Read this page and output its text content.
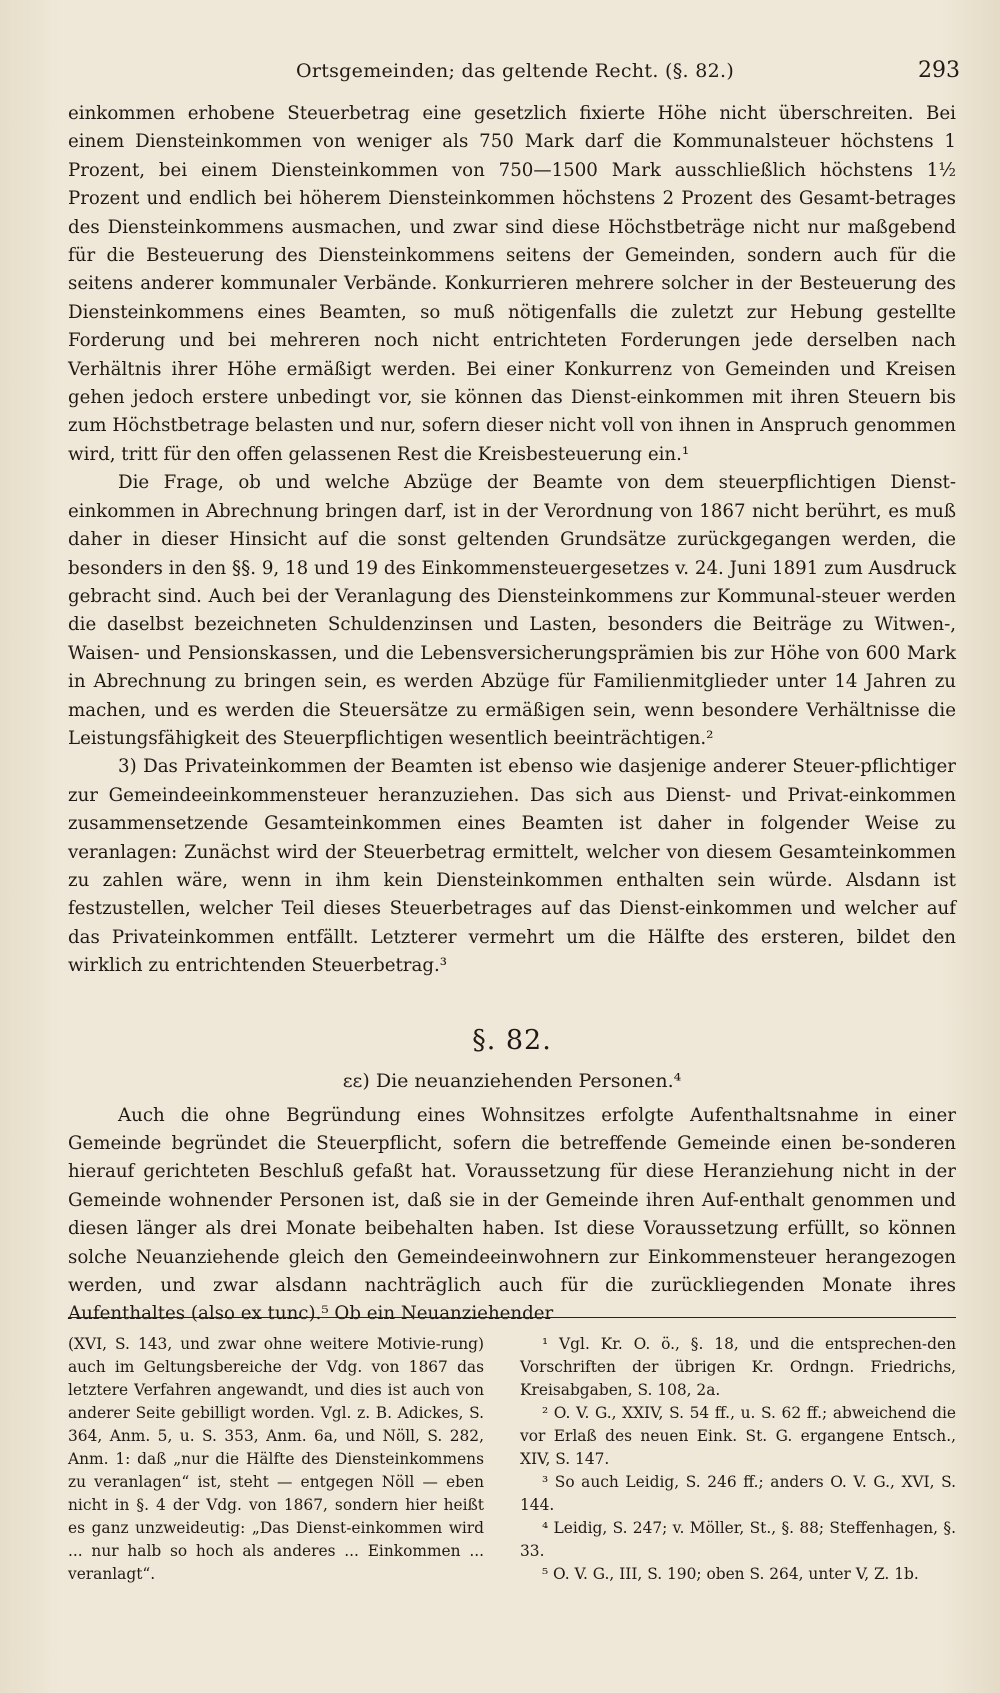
Ortsgemeinden; das geltende Recht. (§. 82.)	293

einkommen erhobene Steuerbetrag eine gesetzlich fixierte Höhe nicht überschreiten. Bei einem Diensteinkommen von weniger als 750 Mark darf die Kommunalsteuer höchstens 1 Prozent, bei einem Diensteinkommen von 750—1500 Mark ausschließlich höchstens 1½ Prozent und endlich bei höherem Diensteinkommen höchstens 2 Prozent des Gesamt-betrages des Diensteinkommens ausmachen, und zwar sind diese Höchstbeträge nicht nur maßgebend für die Besteuerung des Diensteinkommens seitens der Gemeinden, sondern auch für die seitens anderer kommunaler Verbände. Konkurrieren mehrere solcher in der Besteuerung des Diensteinkommens eines Beamten, so muß nötigenfalls die zuletzt zur Hebung gestellte Forderung und bei mehreren noch nicht entrichteten Forderungen jede derselben nach Verhältnis ihrer Höhe ermäßigt werden. Bei einer Konkurrenz von Gemeinden und Kreisen gehen jedoch erstere unbedingt vor, sie können das Dienst-einkommen mit ihren Steuern bis zum Höchstbetrage belasten und nur, sofern dieser nicht voll von ihnen in Anspruch genommen wird, tritt für den offen gelassenen Rest die Kreisbesteuerung ein.¹

Die Frage, ob und welche Abzüge der Beamte von dem steuerpflichtigen Dienst-einkommen in Abrechnung bringen darf, ist in der Verordnung von 1867 nicht berührt, es muß daher in dieser Hinsicht auf die sonst geltenden Grundsätze zurückgegangen werden, die besonders in den §§. 9, 18 und 19 des Einkommensteuergesetzes v. 24. Juni 1891 zum Ausdruck gebracht sind. Auch bei der Veranlagung des Diensteinkommens zur Kommunal-steuer werden die daselbst bezeichneten Schuldenzinsen und Lasten, besonders die Beiträge zu Witwen-, Waisen- und Pensionskassen, und die Lebensversicherungsprämien bis zur Höhe von 600 Mark in Abrechnung zu bringen sein, es werden Abzüge für Familienmitglieder unter 14 Jahren zu machen, und es werden die Steuersätze zu ermäßigen sein, wenn besondere Verhältnisse die Leistungsfähigkeit des Steuerpflichtigen wesentlich beeinträchtigen.²

3) Das Privateinkommen der Beamten ist ebenso wie dasjenige anderer Steuer-pflichtiger zur Gemeindeeinkommensteuer heranzuziehen. Das sich aus Dienst- und Privat-einkommen zusammensetzende Gesamteinkommen eines Beamten ist daher in folgender Weise zu veranlagen: Zunächst wird der Steuerbetrag ermittelt, welcher von diesem Gesamteinkommen zu zahlen wäre, wenn in ihm kein Diensteinkommen enthalten sein würde. Alsdann ist festzustellen, welcher Teil dieses Steuerbetrages auf das Dienst-einkommen und welcher auf das Privateinkommen entfällt. Letzterer vermehrt um die Hälfte des ersteren, bildet den wirklich zu entrichtenden Steuerbetrag.³

§. 82.
εε) Die neuanziehenden Personen.⁴

Auch die ohne Begründung eines Wohnsitzes erfolgte Aufenthaltsnahme in einer Gemeinde begründet die Steuerpflicht, sofern die betreffende Gemeinde einen be-sonderen hierauf gerichteten Beschluß gefaßt hat. Voraussetzung für diese Heranziehung nicht in der Gemeinde wohnender Personen ist, daß sie in der Gemeinde ihren Auf-enthalt genommen und diesen länger als drei Monate beibehalten haben. Ist diese Voraussetzung erfüllt, so können solche Neuanziehende gleich den Gemeindeeinwohnern zur Einkommensteuer herangezogen werden, und zwar alsdann nachträglich auch für die zurückliegenden Monate ihres Aufenthaltes (also ex tunc).⁵ Ob ein Neuanziehender

(XVI, S. 143, und zwar ohne weitere Motivie-rung) auch im Geltungsbereiche der Vdg. von 1867 das letztere Verfahren angewandt, und dies ist auch von anderer Seite gebilligt worden. Vgl. z. B. Adickes, S. 364, Anm. 5, u. S. 353, Anm. 6a, und Nöll, S. 282, Anm. 1: daß „nur die Hälfte des Diensteinkommens zu veranlagen“ ist, steht — entgegen Nöll — eben nicht in §. 4 der Vdg. von 1867, sondern hier heißt es ganz unzweideutig: „Das Dienst-einkommen wird ... nur halb so hoch als anderes ... Einkommen ... veranlagt“.

¹ Vgl. Kr. O. ö., §. 18, und die entsprechen-den Vorschriften der übrigen Kr. Ordngn. Friedrichs, Kreisabgaben, S. 108, 2a.

² O. V. G., XXIV, S. 54 ff., u. S. 62 ff.; abweichend die vor Erlaß des neuen Eink. St. G. ergangene Entsch., XIV, S. 147.

³ So auch Leidig, S. 246 ff.; anders O. V. G., XVI, S. 144.

⁴ Leidig, S. 247; v. Möller, St., §. 88; Steffenhagen, §. 33.

⁵ O. V. G., III, S. 190; oben S. 264, unter V, Z. 1b.
